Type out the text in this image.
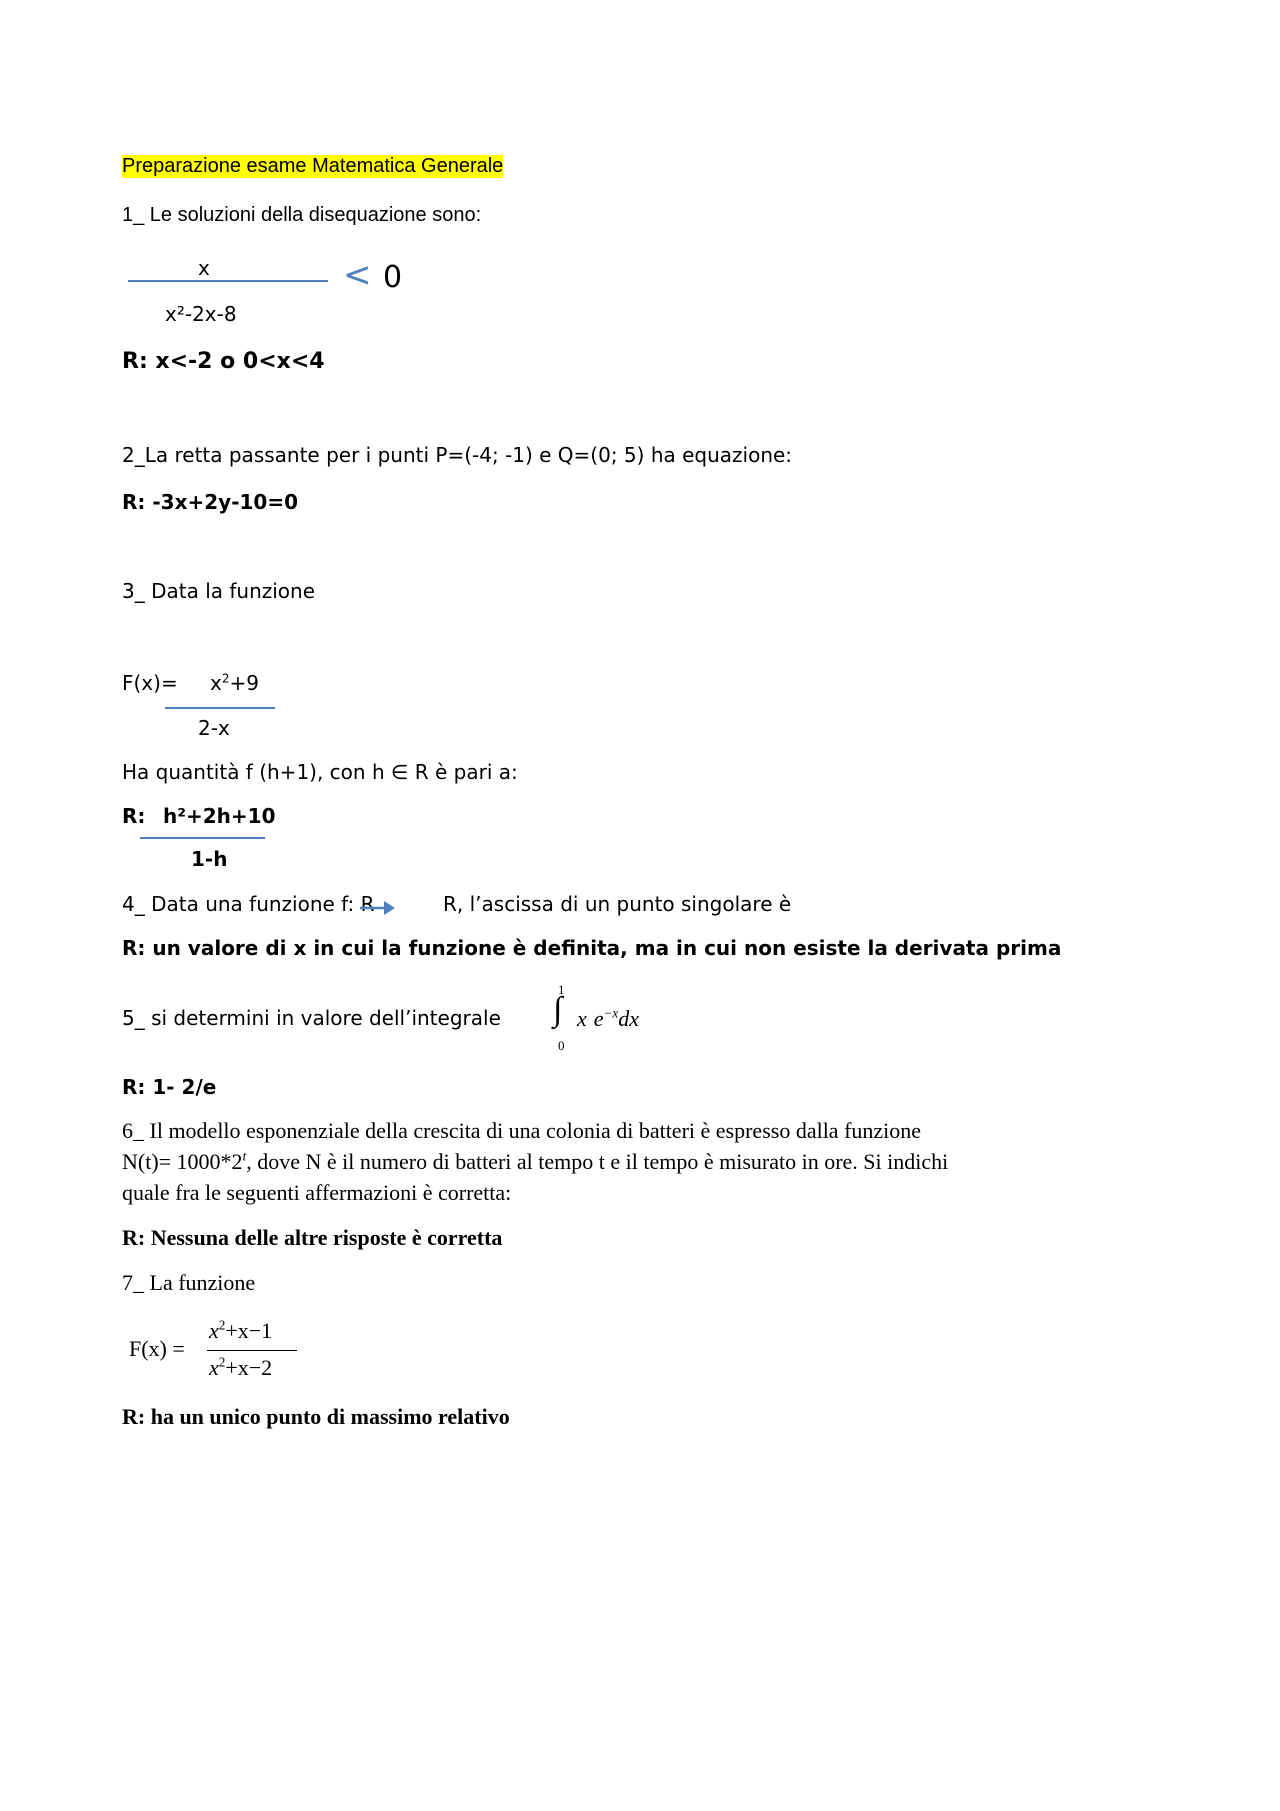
Preparazione esame Matematica Generale
1_ Le soluzioni della disequazione sono:
x
x²-2x-8
< 0
R: x<-2 o 0<x<4
2_La retta passante per i punti P=(-4; -1) e Q=(0; 5) ha equazione:
R: -3x+2y-10=0
3_ Data la funzione
$F(x)= x^2+9$
2-x
Ha quantità f (h+1), con h ∈ R è pari a:
R: h²+2h+10
1-h
4_ Data una funzione f: R	R, l’ascissa di un punto singolare è
R: un valore di x in cui la funzione è definita, ma in cui non esiste la derivata prima
5_ si determini in valore dell’integrale
1
∫
0
x $e^{-x}dx$
R: 1- 2/e
6_ Il modello esponenziale della crescita di una colonia di batteri è espresso dalla funzione
$N(t)= 1000*2^t$, dove N è il numero di batteri al tempo t e il tempo è misurato in ore. Si indichi
quale fra le seguenti affermazioni è corretta:
R: Nessuna delle altre risposte è corretta
7_ La funzione
F(x) =
$x^2+x-1$
$x^2+x-2$
R: ha un unico punto di massimo relativo
